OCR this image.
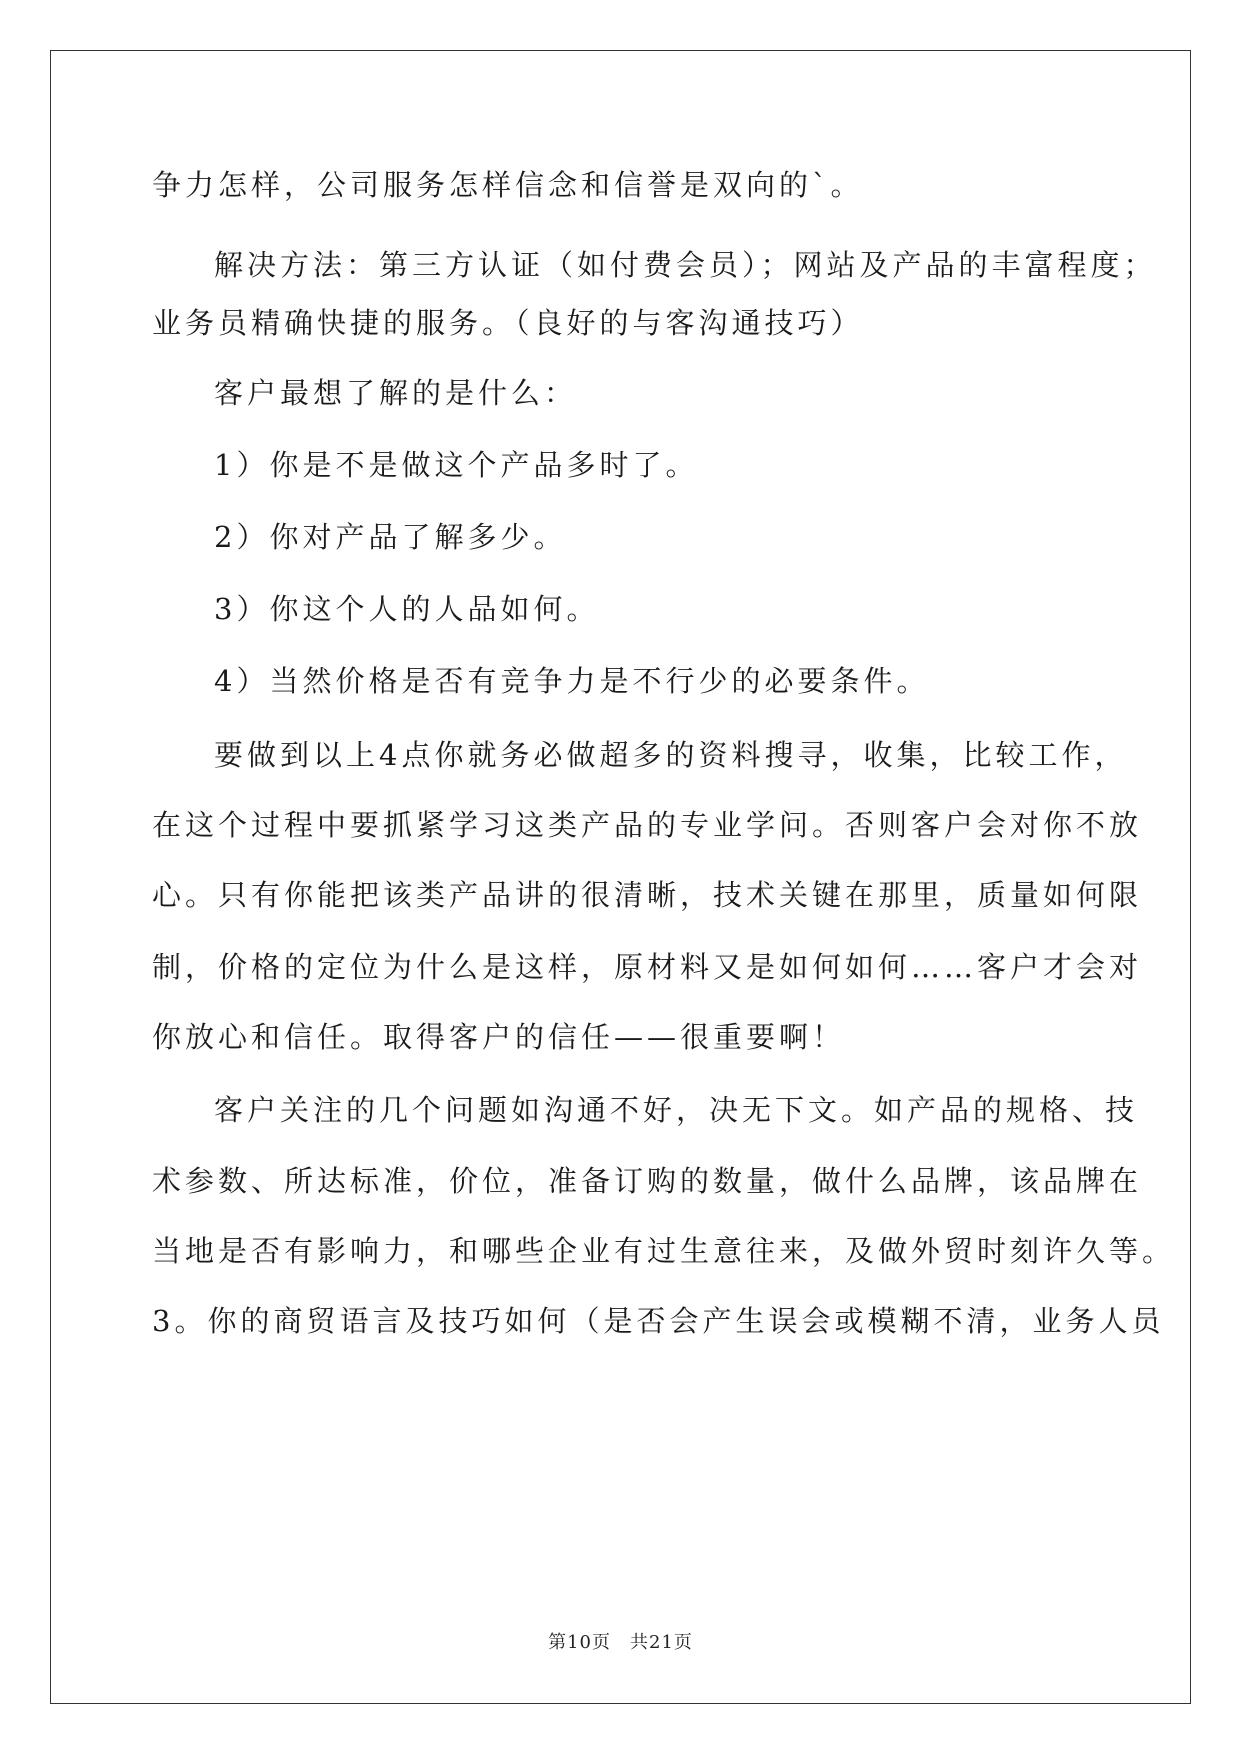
争力怎样，公司服务怎样信念和信誉是双向的`。
解决方法：第三方认证（如付费会员）；网站及产品的丰富程度；
业务员精确快捷的服务。（良好的与客沟通技巧）
客户最想了解的是什么：
1）你是不是做这个产品多时了。
2）你对产品了解多少。
3）你这个人的人品如何。
4）当然价格是否有竞争力是不行少的必要条件。
要做到以上4点你就务必做超多的资料搜寻，收集，比较工作，
在这个过程中要抓紧学习这类产品的专业学问。否则客户会对你不放
心。只有你能把该类产品讲的很清晰，技术关键在那里，质量如何限
制，价格的定位为什么是这样，原材料又是如何如何……客户才会对
你放心和信任。取得客户的信任——很重要啊！
客户关注的几个问题如沟通不好，决无下文。如产品的规格、技
术参数、所达标准，价位，准备订购的数量，做什么品牌，该品牌在
当地是否有影响力，和哪些企业有过生意往来，及做外贸时刻许久等。
3。你的商贸语言及技巧如何（是否会产生误会或模糊不清，业务人员
第10页　共21页
